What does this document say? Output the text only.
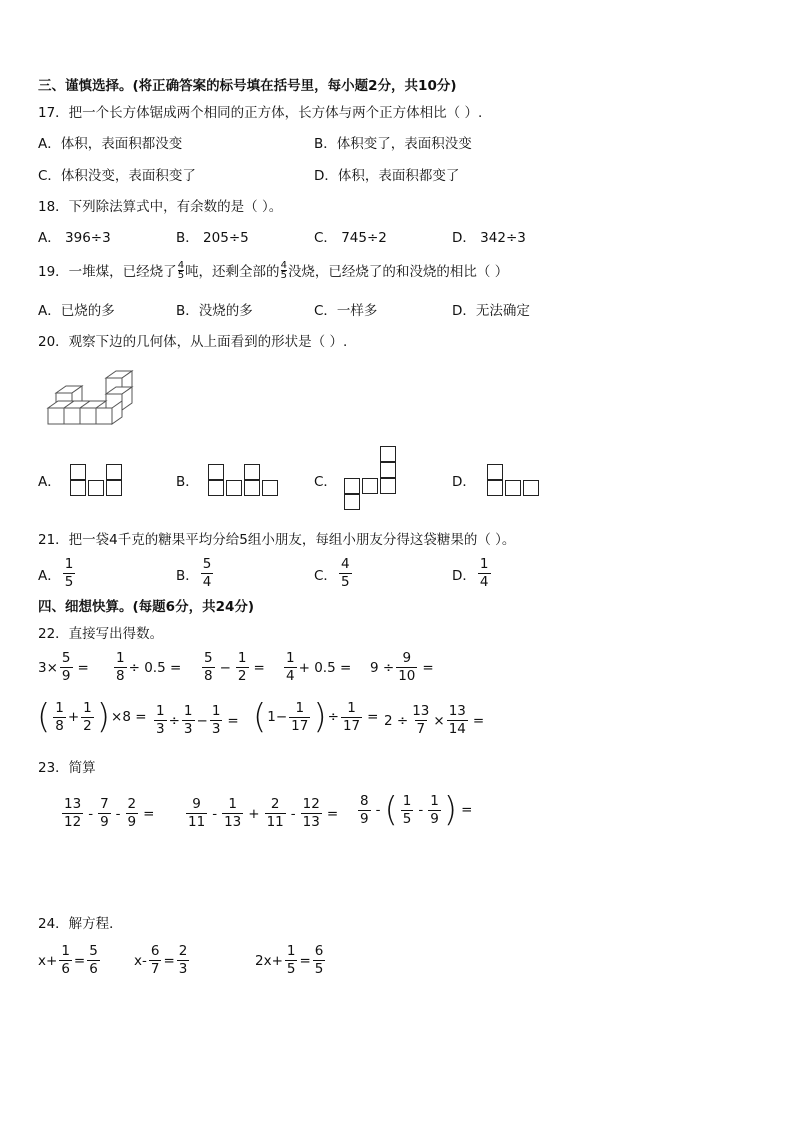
三、谨慎选择。(将正确答案的标号填在括号里，每小题2分，共10分)
17．把一个长方体锯成两个相同的正方体，长方体与两个正方体相比（ ）.
A．体积，表面积都没变	B．体积变了，表面积没变
C．体积没变，表面积变了	D．体积，表面积都变了
18．下列除法算式中，有余数的是（ ）。
A． 396÷3	B． 205÷5	C． 745÷2	D． 342÷3
19．一堆煤，已经烧了 4
5 吨，还剩全部的 4
5 没烧，已经烧了的和没烧的相比（ ）
A．已烧的多	B．没烧的多	C．一样多	D．无法确定
20．观察下边的几何体，从上面看到的形状是（ ）.
A．	B．	C．	D．
21．把一袋4千克的糖果平均分给5组小朋友，每组小朋友分得这袋糖果的（ ）。
A． $\frac{1}{5}$	B． $\frac{5}{4}$	C． $\frac{4}{5}$	D． $\frac{1}{4}$
四、细想快算。(每题6分，共24分)
22．直接写出得数。
$3\times \frac{5}{9} = \frac{1}{8} \div 0.5 = \frac{5}{8} - \frac{1}{2} = \frac{1}{4} + 0.5 = 9 \div \frac{9}{10}$ =
( $\frac{1}{8} + \frac{1}{2}$ ) $\times 8 = \frac{1}{3} \div \frac{1}{3} - \frac{1}{3}$ = ( $1- \frac{1}{17}$ ) ÷ $\frac{1}{17} = 2 \div \frac{13}{7} \times \frac{13}{14}$ =
23．简算
$\frac{13}{12} - \frac{7}{9} - \frac{2}{9} = \frac{9}{11} - \frac{1}{13} + \frac{2}{11} - \frac{12}{13} = \frac{8}{9}$ - ( $\frac{1}{5} - \frac{1}{9}$ ) =
24．解方程．
$x+ \frac{1}{6} = \frac{5}{6}$	$x- \frac{6}{7} = \frac{2}{3}$	$2x+ \frac{1}{5} = \frac{6}{5}$
